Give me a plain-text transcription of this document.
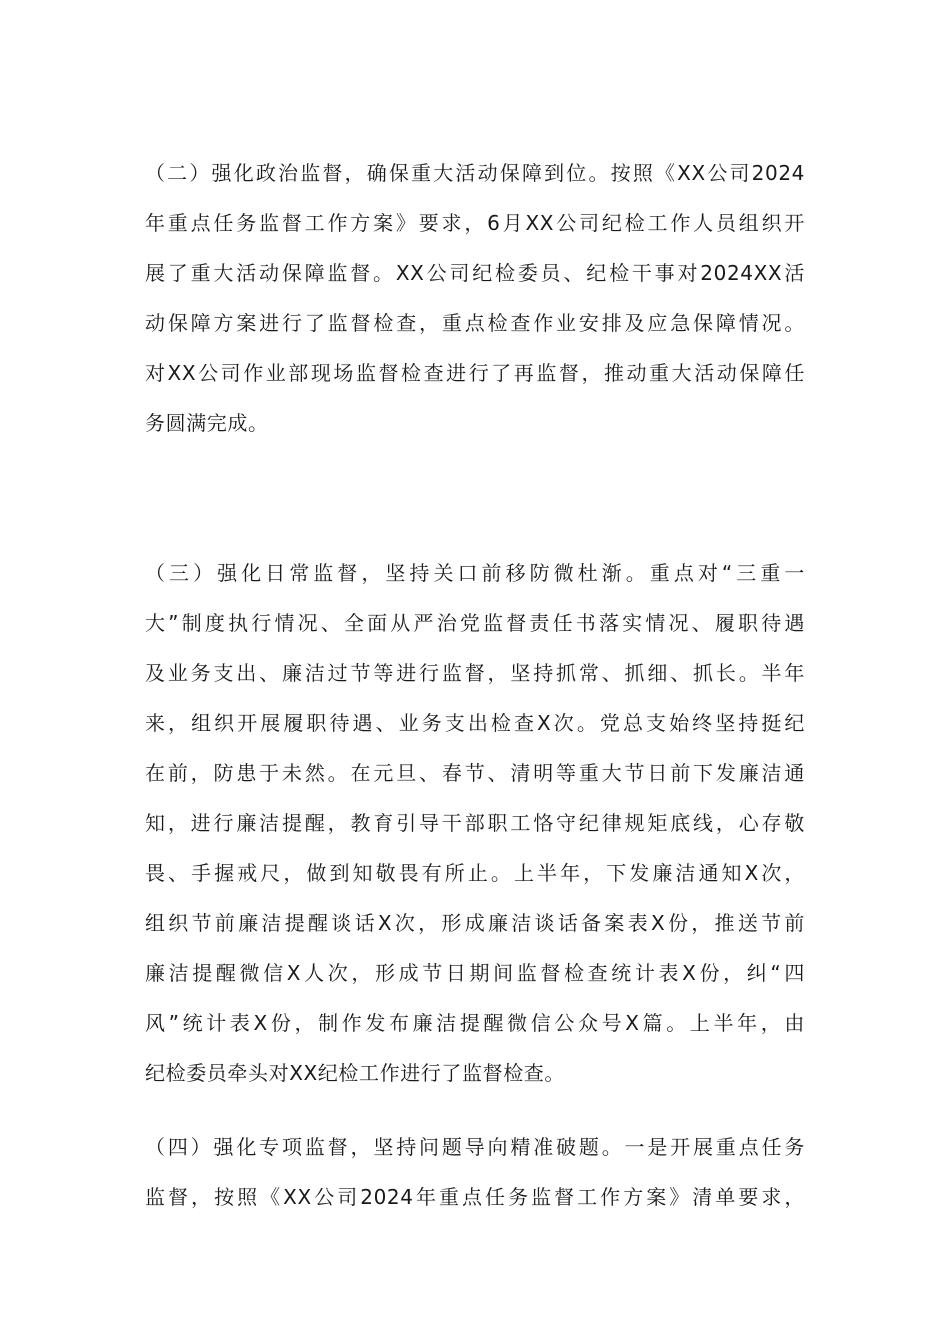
（二）强化政治监督，确保重大活动保障到位。按照《XX公司2024
年重点任务监督工作方案》要求，6月XX公司纪检工作人员组织开
展了重大活动保障监督。XX公司纪检委员、纪检干事对2024XX活
动保障方案进行了监督检查，重点检查作业安排及应急保障情况。
对XX公司作业部现场监督检查进行了再监督，推动重大活动保障任
务圆满完成。
（三）强化日常监督，坚持关口前移防微杜渐。重点对“三重一
大”制度执行情况、全面从严治党监督责任书落实情况、履职待遇
及业务支出、廉洁过节等进行监督，坚持抓常、抓细、抓长。半年
来，组织开展履职待遇、业务支出检查X次。党总支始终坚持挺纪
在前，防患于未然。在元旦、春节、清明等重大节日前下发廉洁通
知，进行廉洁提醒，教育引导干部职工恪守纪律规矩底线，心存敬
畏、手握戒尺，做到知敬畏有所止。上半年，下发廉洁通知X次，
组织节前廉洁提醒谈话X次，形成廉洁谈话备案表X份，推送节前
廉洁提醒微信X人次，形成节日期间监督检查统计表X份，纠“四
风”统计表X份，制作发布廉洁提醒微信公众号X篇。上半年，由
纪检委员牵头对XX纪检工作进行了监督检查。
（四）强化专项监督，坚持问题导向精准破题。一是开展重点任务
监督，按照《XX公司2024年重点任务监督工作方案》清单要求，
